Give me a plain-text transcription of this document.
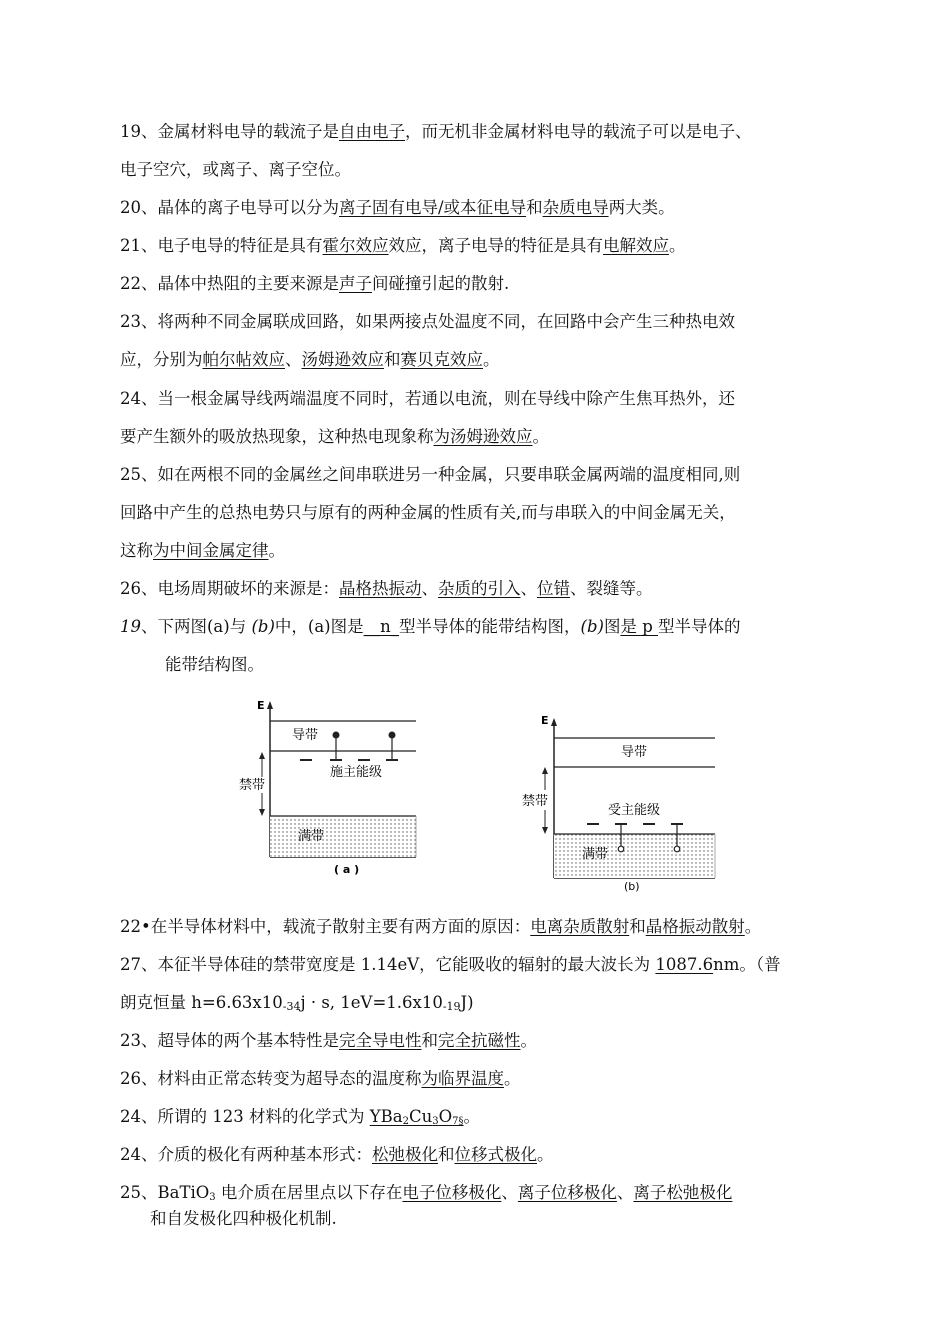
19、金属材料电导的载流子是自由电子，而无机非金属材料电导的载流子可以是电子、
电子空穴，或离子、离子空位。
20、晶体的离子电导可以分为离子固有电导/或本征电导和杂质电导两大类。
21、电子电导的特征是具有霍尔效应效应，离子电导的特征是具有电解效应。
22、晶体中热阻的主要来源是声子间碰撞引起的散射.
23、将两种不同金属联成回路，如果两接点处温度不同，在回路中会产生三种热电效
应，分别为帕尔帖效应、汤姆逊效应和赛贝克效应。
24、当一根金属导线两端温度不同时，若通以电流，则在导线中除产生焦耳热外，还
要产生额外的吸放热现象，这种热电现象称为汤姆逊效应。
25、如在两根不同的金属丝之间串联进另一种金属，只要串联金属两端的温度相同,则
回路中产生的总热电势只与原有的两种金属的性质有关,而与串联入的中间金属无关，
这称为中间金属定律。
26、电场周期破坏的来源是：晶格热振动、杂质的引入、位错、裂缝等。
19、下两图(a)与 (b)中，(a)图是__n_型半导体的能带结构图，(b)图是 p 型半导体的
能带结构图。
E
导带
施主能级
禁带
满带
( a )
E
导带
禁带
受主能级
满带
(b)
22•在半导体材料中，载流子散射主要有两方面的原因：电离杂质散射和晶格振动散射。
27、本征半导体硅的禁带宽度是 1.14eV，它能吸收的辐射的最大波长为 1087.6nm。（普
朗克恒量 h=6.63x10-34j · s, 1eV=1.6x10-19J)
23、超导体的两个基本特性是完全导电性和完全抗磁性。
26、材料由正常态转变为超导态的温度称为临界温度。
24、所谓的 123 材料的化学式为 $YBa_2Cu_3O_{7\S}$。
24、介质的极化有两种基本形式：松弛极化和位移式极化。
25、BaTiO$_3$ 电介质在居里点以下存在电子位移极化、离子位移极化、离子松弛极化
和自发极化四种极化机制.
